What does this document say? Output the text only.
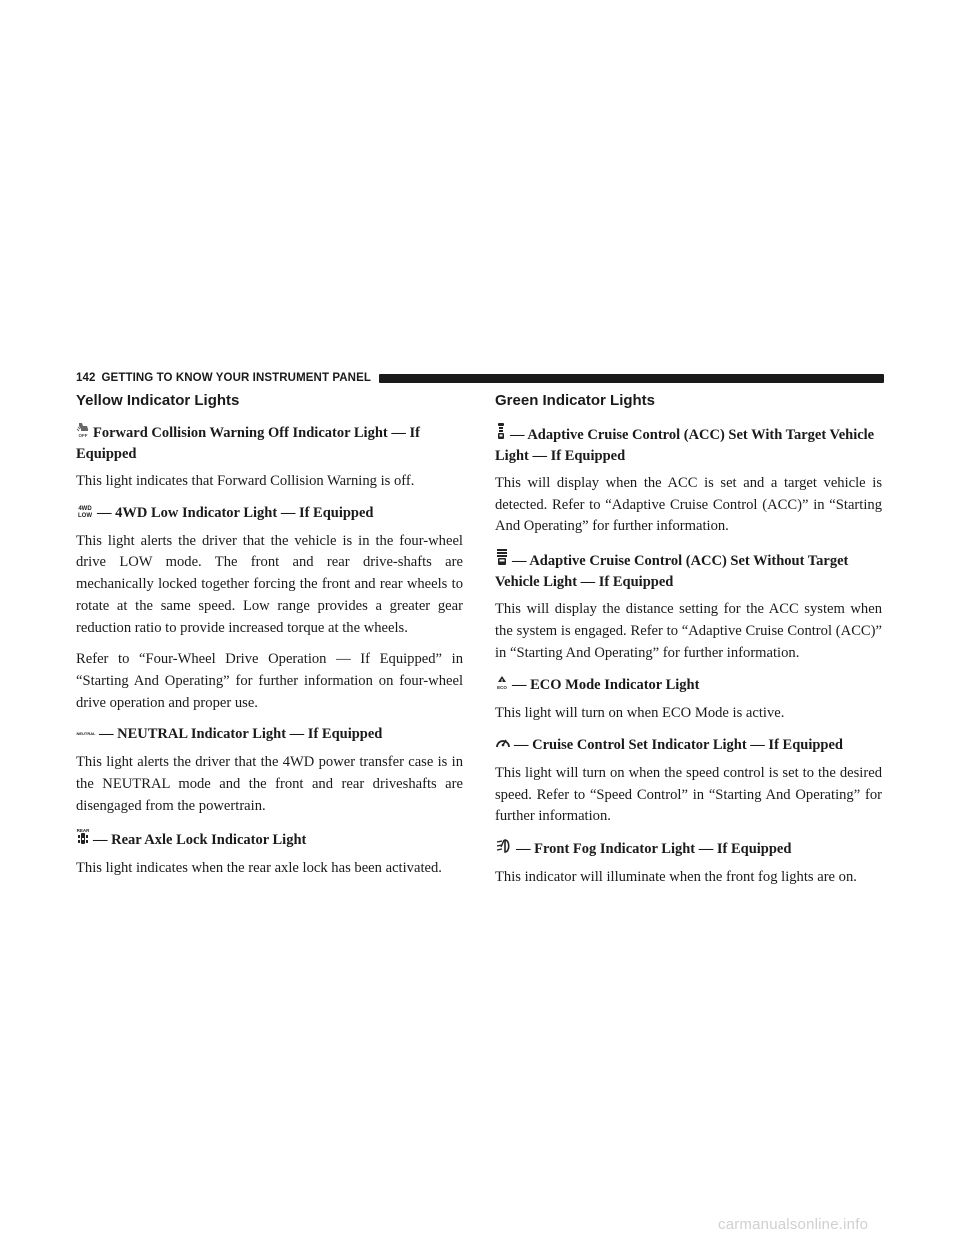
142 GETTING TO KNOW YOUR INSTRUMENT PANEL
Yellow Indicator Lights
OFF Forward Collision Warning Off Indicator Light — If Equipped

This light indicates that Forward Collision Warning is off.

4WD
LOW — 4WD Low Indicator Light — If Equipped

This light alerts the driver that the vehicle is in the four-wheel drive LOW mode. The front and rear drive-shafts are mechanically locked together forcing the front and rear wheels to rotate at the same speed. Low range provides a greater gear reduction ratio to provide increased torque at the wheels.

Refer to “Four-Wheel Drive Operation — If Equipped” in “Starting And Operating” for further information on four-wheel drive operation and proper use.

NEUTRAL — NEUTRAL Indicator Light — If Equipped

This light alerts the driver that the 4WD power transfer case is in the NEUTRAL mode and the front and rear driveshafts are disengaged from the powertrain.

REAR
— Rear Axle Lock Indicator Light

This light indicates when the rear axle lock has been activated.

Green Indicator Lights
— Adaptive Cruise Control (ACC) Set With Target Vehicle Light — If Equipped

This will display when the ACC is set and a target vehicle is detected. Refer to “Adaptive Cruise Control (ACC)” in “Starting And Operating” for further information.

— Adaptive Cruise Control (ACC) Set Without Target Vehicle Light — If Equipped

This will display the distance setting for the ACC system when the system is engaged. Refer to “Adaptive Cruise Control (ACC)” in “Starting And Operating” for further information.

ECO — ECO Mode Indicator Light

This light will turn on when ECO Mode is active.

— Cruise Control Set Indicator Light — If Equipped

This light will turn on when the speed control is set to the desired speed. Refer to “Speed Control” in “Starting And Operating” for further information.

— Front Fog Indicator Light — If Equipped

This indicator will illuminate when the front fog lights are on.

carmanualsonline.info
